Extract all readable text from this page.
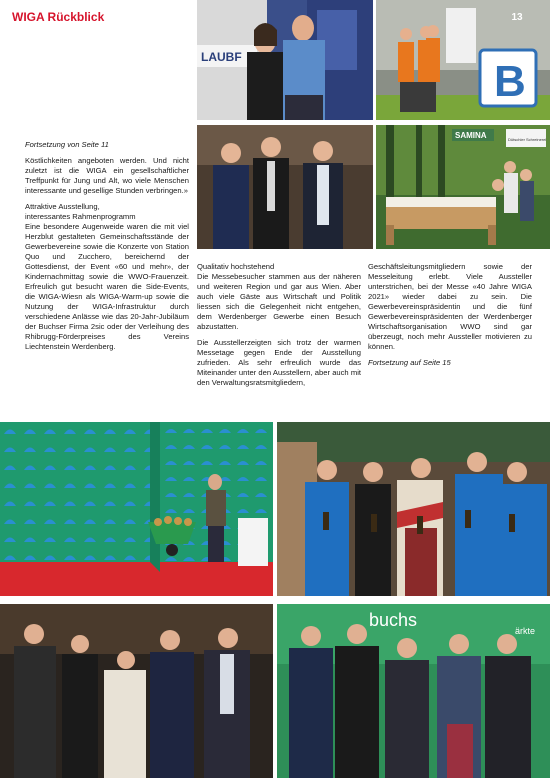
WIGA Rückblick	13
LAUBF	B
SAMINA	Dütschler Schreinerei

Fortsetzung von Seite 11

Köstlichkeiten angeboten werden. Und nicht zuletzt ist die WIGA ein gesellschaftlicher Treffpunkt für Jung und Alt, wo viele Menschen interessante und gesellige Stunden verbringen.»

Attraktive Ausstellung,
interessantes Rahmenprogramm

Eine besondere Augenweide waren die mit viel Herzblut gestalteten Gemeinschaftsstände der Gewerbevereine sowie die Konzerte von Station Quo und Zucchero, bereichernd der Gottesdienst, der Event «60 und mehr», der Kindernachmittag sowie die WWO-Frauenzeit. Erfreulich gut besucht waren die Side-Events, die WIGA-Wiesn als WIGA-Warm-up sowie die Nutzung der WIGA-Infrastruktur durch verschiedene Anlässe wie das 20-Jahr-Jubiläum der Buchser Firma 2sic oder der Verleihung des Rhibrugg-Förderpreises des Vereins Liechtenstein Werdenberg.

Qualitativ hochstehend

Die Messebesucher stammen aus der näheren und weiteren Region und gar aus Wien. Aber auch viele Gäste aus Wirtschaft und Politik liessen sich die Gelegenheit nicht entgehen, dem Werdenberger Gewerbe einen Besuch abzustatten.

Die Ausstellerzeigten sich trotz der warmen Messetage gegen Ende der Ausstellung zufrieden. Als sehr erfreulich wurde das Miteinander unter den Ausstellern, aber auch mit den Verwaltungsratsmitgliedern,

Geschäftsleitungsmitgliedern sowie der Messeleitung erlebt. Viele Aussteller unterstrichen, bei der Messe «40 Jahre WIGA 2021» wieder dabei zu sein. Die Gewerbevereinspräsidentin und die fünf Gewerbevereinspräsidenten der Werdenberger Wirtschaftsorganisation WWO sind gar überzeugt, noch mehr Aussteller motivieren zu können.

Fortsetzung auf Seite 15

buchs
ärkte
